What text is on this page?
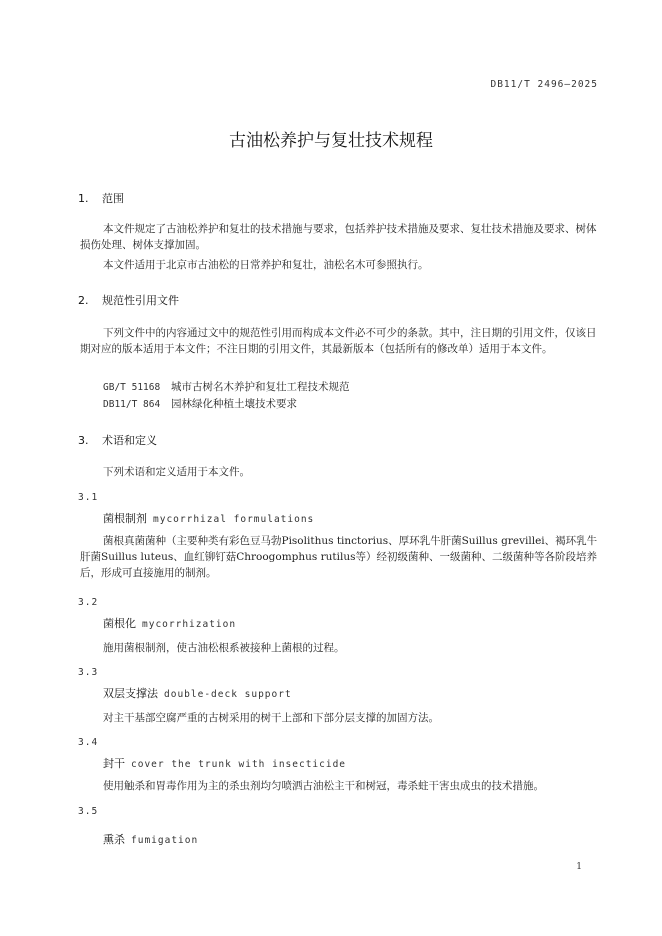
DB11/T 2496—2025
古油松养护与复壮技术规程
1. 范围
本文件规定了古油松养护和复壮的技术措施与要求，包括养护技术措施及要求、复壮技术措施及要求、树体损伤处理、树体支撑加固。
本文件适用于北京市古油松的日常养护和复壮，油松名木可参照执行。
2. 规范性引用文件
下列文件中的内容通过文中的规范性引用而构成本文件必不可少的条款。其中，注日期的引用文件，仅该日期对应的版本适用于本文件；不注日期的引用文件，其最新版本（包括所有的修改单）适用于本文件。
GB/T 51168 城市古树名木养护和复壮工程技术规范
DB11/T 864 园林绿化种植土壤技术要求
3. 术语和定义
下列术语和定义适用于本文件。
3.1
菌根制剂 mycorrhizal formulations
菌根真菌菌种（主要种类有彩色豆马勃Pisolithus tinctorius、厚环乳牛肝菌Suillus grevillei、褐环乳牛肝菌Suillus luteus、血红铆钉菇Chroogomphus rutilus等）经初级菌种、一级菌种、二级菌种等各阶段培养后，形成可直接施用的制剂。
3.2
菌根化 mycorrhization
施用菌根制剂，使古油松根系被接种上菌根的过程。
3.3
双层支撑法 double-deck support
对主干基部空腐严重的古树采用的树干上部和下部分层支撑的加固方法。
3.4
封干 cover the trunk with insecticide
使用触杀和胃毒作用为主的杀虫剂均匀喷洒古油松主干和树冠，毒杀蛀干害虫成虫的技术措施。
3.5
熏杀 fumigation
1
